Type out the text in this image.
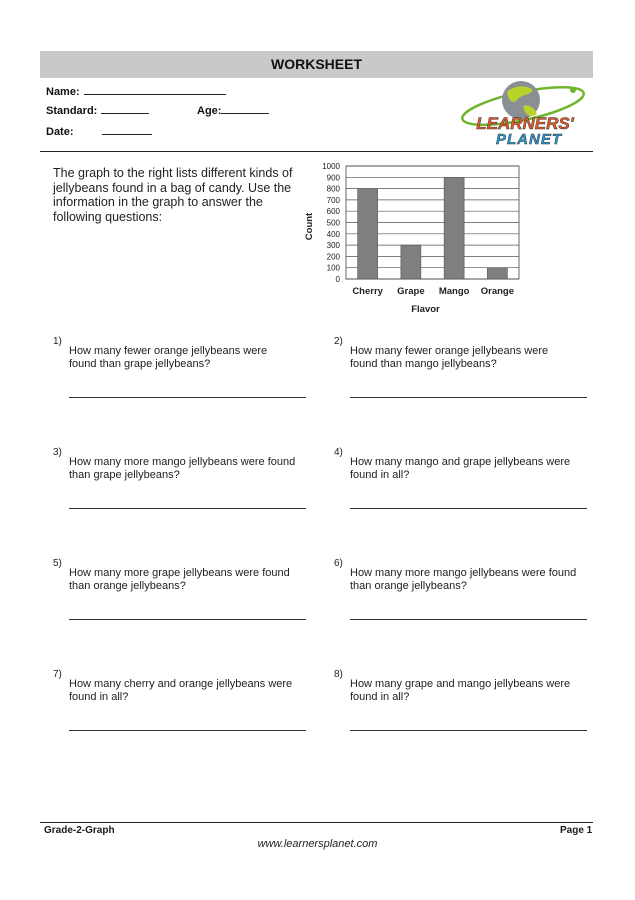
WORKSHEET
Name:
Standard:	Age:
Date:	LEARNERS'
PLANET
The graph to the right lists different kinds of jellybeans found in a bag of candy. Use the information in the graph to answer the following questions:
0
100
200
300
400
500
600
700
800
900
1000
Cherry Grape Mango Orange
Flavor
Count
1)
How many fewer orange jellybeans were
found than grape jellybeans?
2)
How many fewer orange jellybeans were
found than mango jellybeans?
3)
How many more mango jellybeans were found
than grape jellybeans?
4)
How many mango and grape jellybeans were
found in all?
5)
How many more grape jellybeans were found
than orange jellybeans?
6)
How many more mango jellybeans were found
than orange jellybeans?
7)
How many cherry and orange jellybeans were
found in all?
8)
How many grape and mango jellybeans were
found in all?
Grade-2-Graph	Page 1
www.learnersplanet.com
